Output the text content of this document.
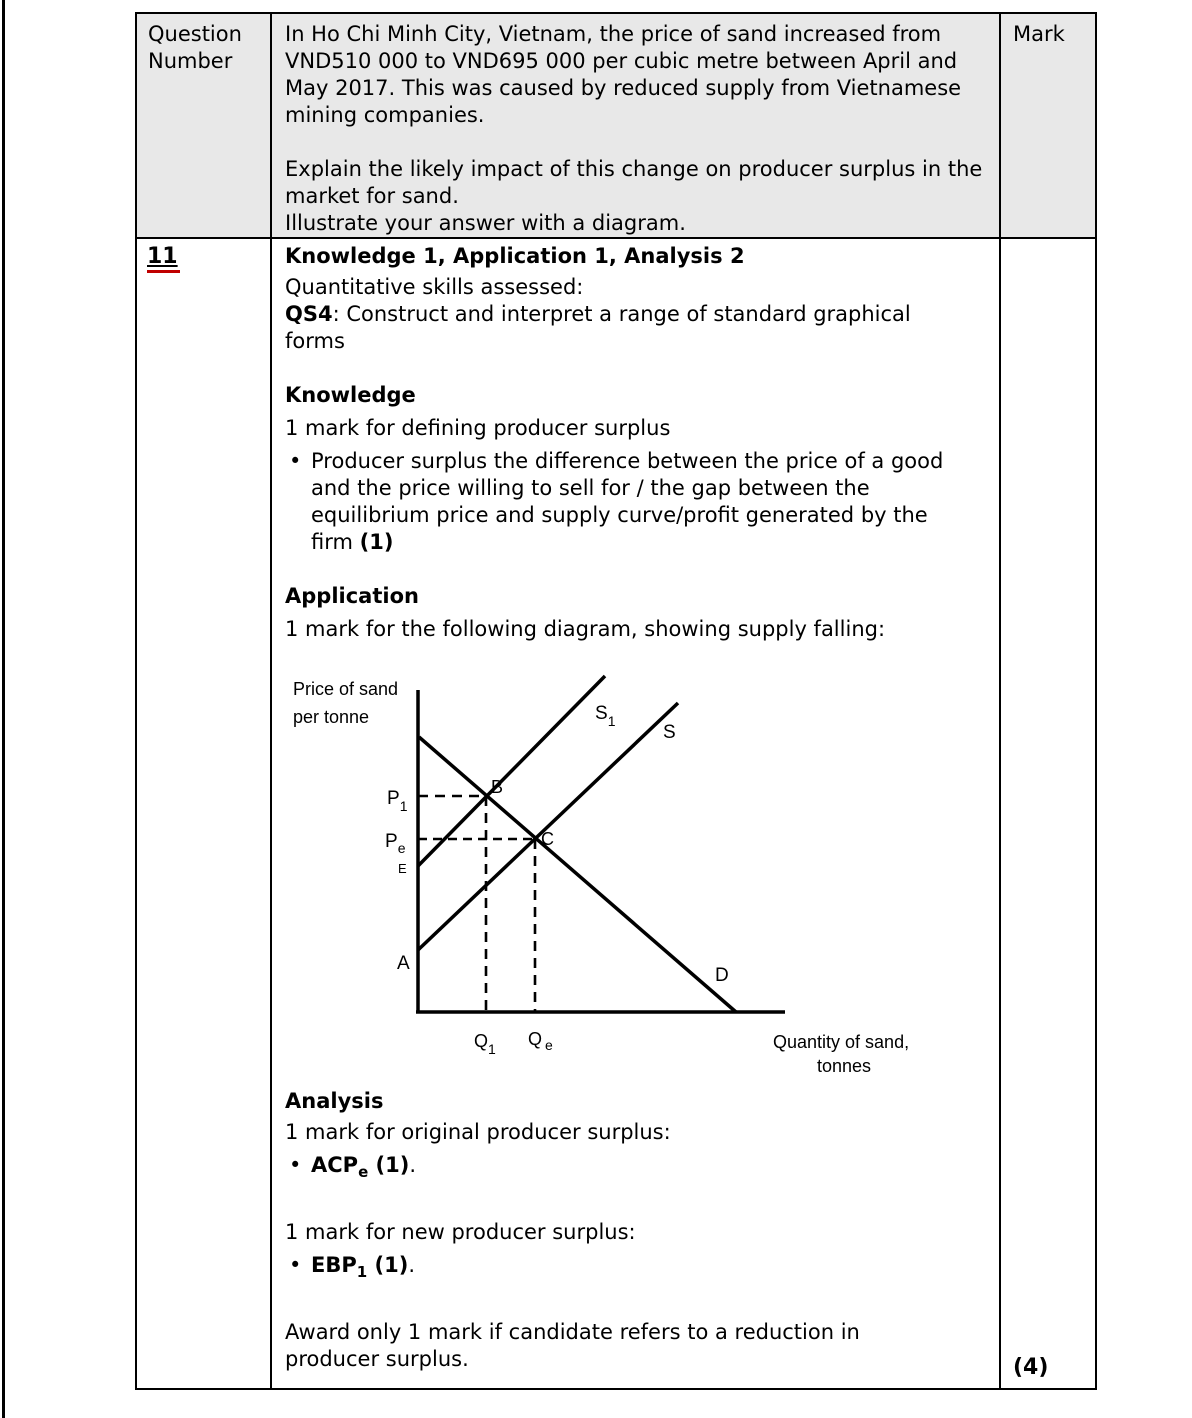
Question Number

In Ho Chi Minh City, Vietnam, the price of sand increased from VND510 000 to VND695 000 per cubic metre between April and May 2017. This was caused by reduced supply from Vietnamese mining companies.

Explain the likely impact of this change on producer surplus in the market for sand.

Illustrate your answer with a diagram.

Mark

11	Knowledge 1, Application 1, Analysis 2

Quantitative skills assessed:

QS4: Construct and interpret a range of standard graphical forms

Knowledge

1 mark for defining producer surplus

• Producer surplus the difference between the price of a good and the price willing to sell for / the gap between the equilibrium price and supply curve/profit generated by the firm (1)

Application

1 mark for the following diagram, showing supply falling:

Price of sand
per tonne
Quantity of sand,
tonnes
$P_1$
$P_e$
E
A
B
C
$S_1$
S
D
$Q_1$ Q $_e$

Analysis

1 mark for original producer surplus:

• $ACP_e$ (1).

1 mark for new producer surplus:

• $EBP_1$ (1).

Award only 1 mark if candidate refers to a reduction in producer surplus.	(4)
